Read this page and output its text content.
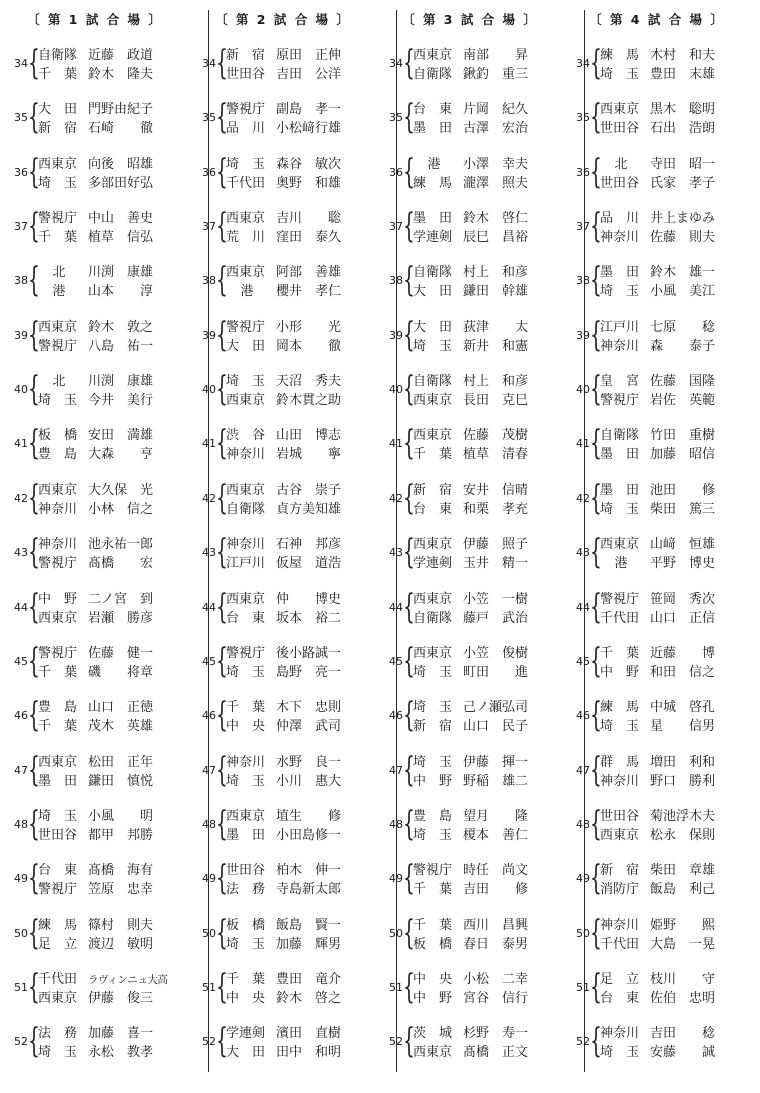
〔 第 1 試 合 場 〕
34 {
自衛隊 近藤　政道
千　葉 鈴木　隆夫
35 {
大　田 門野由紀子
新　宿 石崎　　徹
36 {
西東京 向後　昭雄
埼　玉 多部田好弘
37 {
警視庁 中山　善史
千　葉 植草　信弘
38 { 北	川渕　康雄
港	山本　　淳
39 {
西東京 鈴木　敦之
警視庁 八島　祐一
40 { 北	川渕　康雄
埼　玉 今井　美行
41 {
板　橋 安田　満雄
豊　島 大森　　亨
42 {
西東京 大久保　光
神奈川 小林　信之
43 {
神奈川 池永祐一郎
警視庁 髙橋　　宏
44 {
中　野 二ノ宮　到
西東京 岩瀬　勝彦
45 {
警視庁 佐藤　健一
千　葉 磯　　将章
46 {
豊　島 山口　正徳
千　葉 茂木　英雄
47 {
西東京 松田　正年
墨　田 鎌田　慎悦
48 {
埼　玉 小風　　明
世田谷 都甲　邦勝
49 {
台　東 髙橋　海有
警視庁 笠原　忠幸
50 {
練　馬 篠村　則夫
足　立 渡辺　敏明
51 {
千代田 ラヴィンニュ大高
西東京 伊藤　俊三
52 {
法　務 加藤　喜一
埼　玉 永松　教孝
〔 第 2 試 合 場 〕
34 {
新　宿 原田　正伸
世田谷 吉田　公洋
35 {
警視庁 副島　孝一
品　川 小松﨑行雄
36 {
埼　玉 森谷　敏次
千代田 奥野　和雄
37 {
西東京 吉川　　聡
荒　川 窪田　泰久
38 {
西東京 阿部　善雄
港	櫻井　孝仁
39 {
警視庁 小形　　光
大　田 岡本　　徹
40 {
埼　玉 天沼　秀夫
西東京 鈴木貫之助
41 {
渋　谷 山田　博志
神奈川 岩城　　寧
42 {
西東京 古谷　崇子
自衛隊 貞方美知雄
43 {
神奈川 石神　邦彦
江戸川 仮屋　道浩
44 {
西東京 仲　　博史
台　東 坂本　裕二
45 {
警視庁 後小路誠一
埼　玉 島野　亮一
46 {
千　葉 木下　忠則
中　央 仲澤　武司
47 {
神奈川 水野　良一
埼　玉 小川　惠大
48 {
西東京 埴生　　修
墨　田 小田島修一
49 {
世田谷 柏木　伸一
法　務 寺島新太郎
50 {
板　橋 飯島　賢一
埼　玉 加藤　輝男
51 {
千　葉 豊田　竜介
中　央 鈴木　啓之
52 {
学連剣 濱田　直樹
大　田 田中　和明
〔 第 3 試 合 場 〕
34 {
西東京 南部　　昇
自衛隊 鍬釣　重三
35 {
台　東 片岡　紀久
墨　田 古澤　宏治
36 { 港	小澤　幸夫
練　馬 瀧澤　照夫
37 {
墨　田 鈴木　啓仁
学連剣 辰巳　昌裕
38 {
自衛隊 村上　和彦
大　田 鎌田　幹雄
39 {
大　田 荻津　　太
埼　玉 新井　和憲
40 {
自衛隊 村上　和彦
西東京 長田　克巳
41 {
西東京 佐藤　茂樹
千　葉 植草　清春
42 {
新　宿 安井　信晴
台　東 和栗　孝充
43 {
西東京 伊藤　照子
学連剣 玉井　精一
44 {
西東京 小笠　一樹
自衛隊 藤戸　武治
45 {
西東京 小笠　俊樹
埼　玉 町田　　進
46 {
埼　玉 己ノ瀬弘司
新　宿 山口　民子
47 {
埼　玉 伊藤　揮一
中　野 野稲　雄二
48 {
豊　島 望月　　隆
埼　玉 榎本　善仁
49 {
警視庁 時任　尚文
千　葉 吉田　　修
50 {
千　葉 西川　昌興
板　橋 春日　泰男
51 {
中　央 小松　二幸
中　野 宮谷　信行
52 {
茨　城 杉野　寿一
西東京 髙橋　正文
〔 第 4 試 合 場 〕
34 {
練　馬 木村　和夫
埼　玉 豊田　末雄
35 {
西東京 黒木　聡明
世田谷 石出　浩朗
36 { 北	寺田　昭一
世田谷 氏家　孝子
37 {
品　川 井上まゆみ
神奈川 佐藤　則夫
38 {
墨　田 鈴木　雄一
埼　玉 小風　美江
39 {
江戸川 七原　　稔
神奈川 森　　泰子
40 {
皇　宮 佐藤　国隆
警視庁 岩佐　英範
41 {
自衛隊 竹田　重樹
墨　田 加藤　昭信
42 {
墨　田 池田　　修
埼　玉 柴田　篤三
43 {
西東京 山﨑　恒雄
港	平野　博史
44 {
警視庁 笹岡　秀次
千代田 山口　正信
45 {
千　葉 近藤　　博
中　野 和田　信之
46 {
練　馬 中城　啓孔
埼　玉 星　　信男
47 {
群　馬 増田　利和
神奈川 野口　勝利
48 {
世田谷 菊池浮木夫
西東京 松永　保則
49 {
新　宿 柴田　章雄
消防庁 飯島　利己
50 {
神奈川 姫野　　熙
千代田 大島　一晃
51 {
足　立 枝川　　守
台　東 佐伯　忠明
52 {
神奈川 吉田　　稔
埼　玉 安藤　　誠
